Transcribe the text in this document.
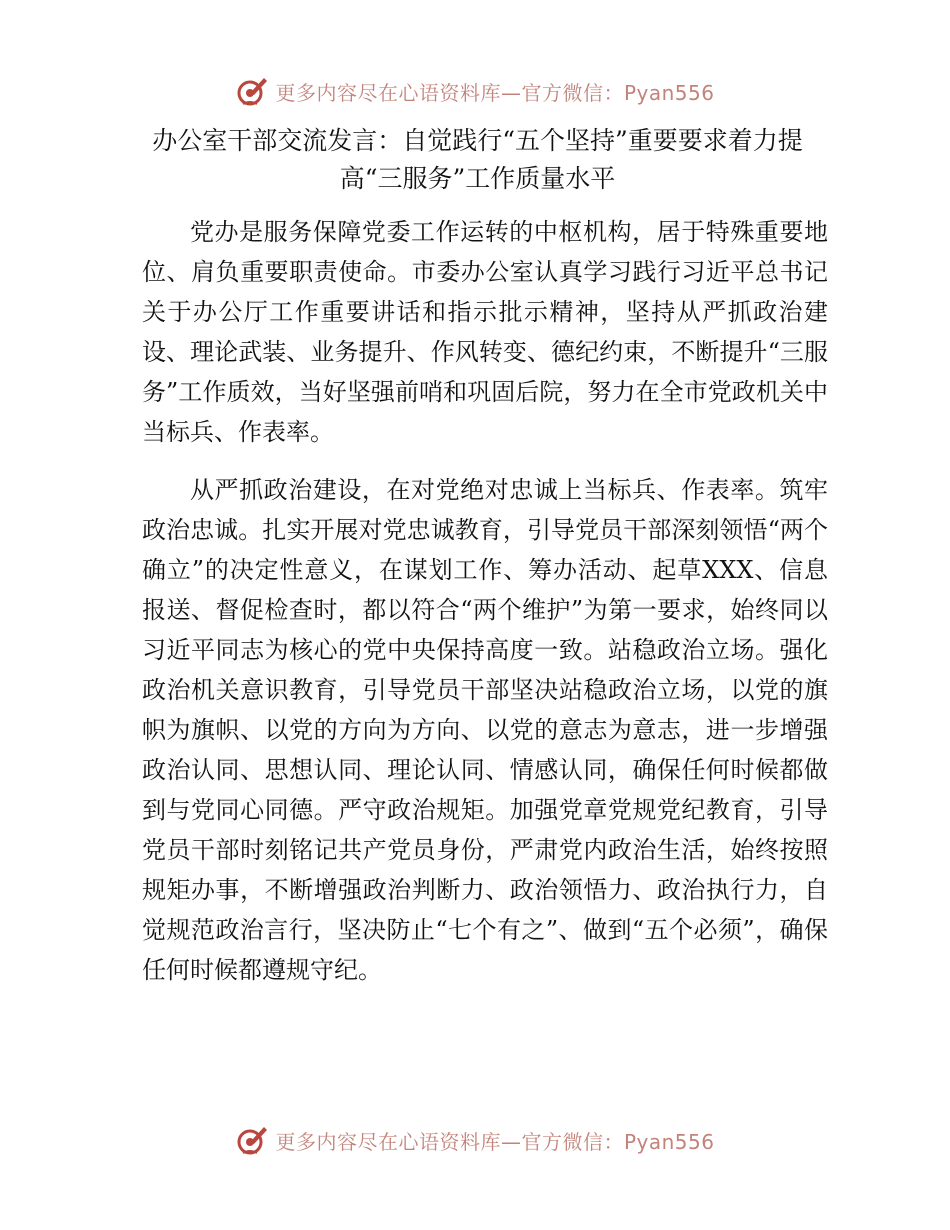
更多内容尽在心语资料库—官方微信：Pyan556
办公室干部交流发言：自觉践行“五个坚持”重要要求着力提高“三服务”工作质量水平

党办是服务保障党委工作运转的中枢机构，居于特殊重要地位、肩负重要职责使命。市委办公室认真学习践行习近平总书记关于办公厅工作重要讲话和指示批示精神，坚持从严抓政治建设、理论武装、业务提升、作风转变、德纪约束，不断提升“三服务”工作质效，当好坚强前哨和巩固后院，努力在全市党政机关中当标兵、作表率。

从严抓政治建设，在对党绝对忠诚上当标兵、作表率。筑牢政治忠诚。扎实开展对党忠诚教育，引导党员干部深刻领悟“两个确立”的决定性意义，在谋划工作、筹办活动、起草XXX、信息报送、督促检查时，都以符合“两个维护”为第一要求，始终同以习近平同志为核心的党中央保持高度一致。站稳政治立场。强化政治机关意识教育，引导党员干部坚决站稳政治立场，以党的旗帜为旗帜、以党的方向为方向、以党的意志为意志，进一步增强政治认同、思想认同、理论认同、情感认同，确保任何时候都做到与党同心同德。严守政治规矩。加强党章党规党纪教育，引导党员干部时刻铭记共产党员身份，严肃党内政治生活，始终按照规矩办事，不断增强政治判断力、政治领悟力、政治执行力，自觉规范政治言行，坚决防止“七个有之”、做到“五个必须”，确保任何时候都遵规守纪。

更多内容尽在心语资料库—官方微信：Pyan556
